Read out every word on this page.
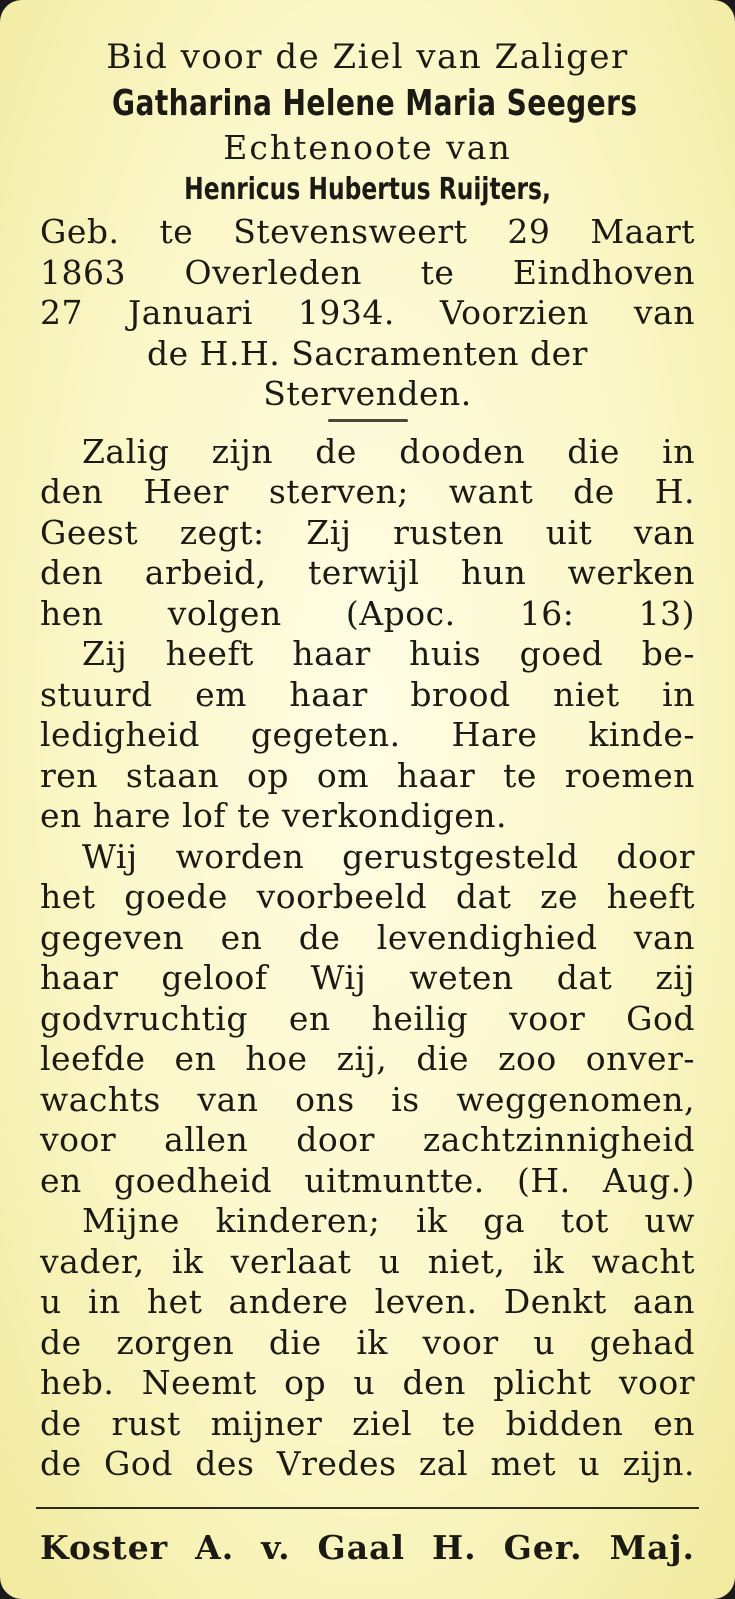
Bid voor de Ziel van Zaliger

Gatharina Helene Maria Seegers

Echtenoote van

Henricus Hubertus Ruijters,

Geb. te Stevensweert 29 Maart

1863 Overleden te Eindhoven

27 Januari 1934. Voorzien van

de H.H. Sacramenten der

Stervenden.

Zalig zijn de dooden die in

den Heer sterven; want de H.

Geest zegt: Zij rusten uit van

den arbeid, terwijl hun werken

hen volgen (Apoc. 16: 13)

Zij heeft haar huis goed be-

stuurd em haar brood niet in

ledigheid gegeten. Hare kinde-

ren staan op om haar te roemen

en hare lof te verkondigen.

Wij worden gerustgesteld door

het goede voorbeeld dat ze heeft

gegeven en de levendighied van

haar geloof Wij weten dat zij

godvruchtig en heilig voor God

leefde en hoe zij, die zoo onver-

wachts van ons is weggenomen,

voor allen door zachtzinnigheid

en goedheid uitmuntte. (H. Aug.)

Mijne kinderen; ik ga tot uw

vader, ik verlaat u niet, ik wacht

u in het andere leven. Denkt aan

de zorgen die ik voor u gehad

heb. Neemt op u den plicht voor

de rust mijner ziel te bidden en

de God des Vredes zal met u zijn.

Koster A. v. Gaal H. Ger. Maj.
